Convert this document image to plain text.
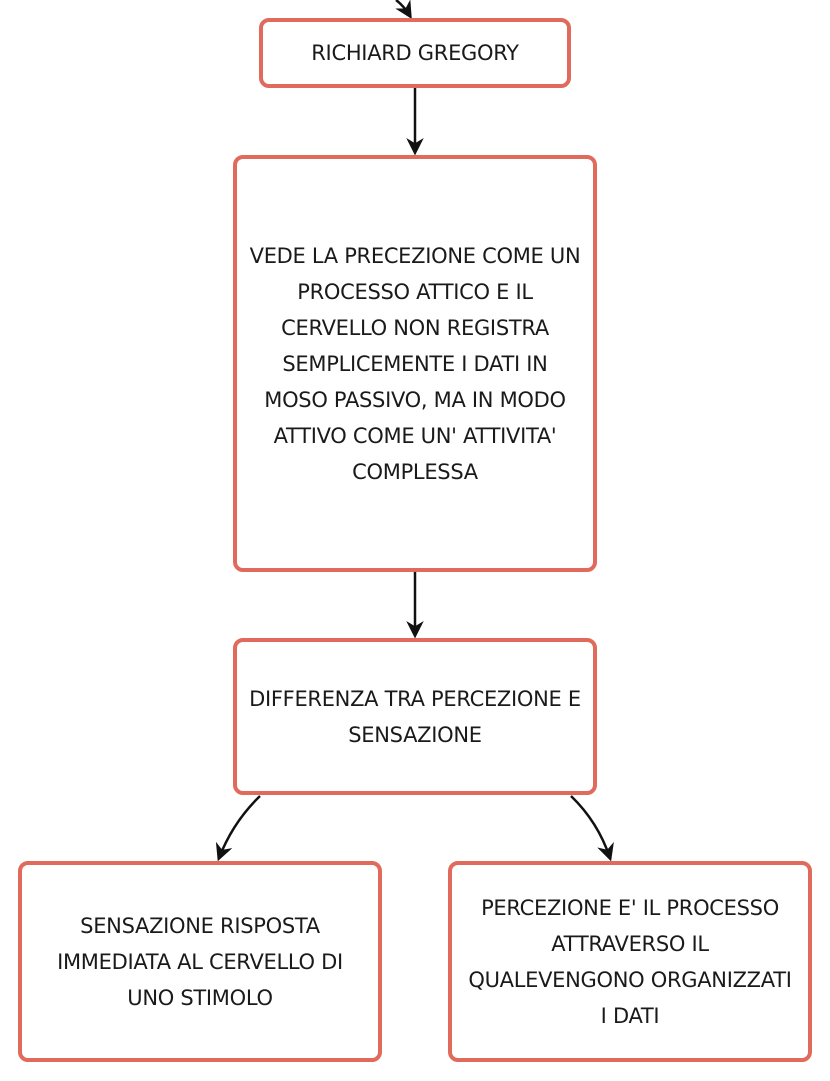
RICHIARD GREGORY
VEDE LA PRECEZIONE COME UN PROCESSO ATTICO E IL CERVELLO NON REGISTRA SEMPLICEMENTE I DATI IN MOSO PASSIVO, MA IN MODO ATTIVO COME UN' ATTIVITA' COMPLESSA
DIFFERENZA TRA PERCEZIONE E SENSAZIONE
SENSAZIONE RISPOSTA IMMEDIATA AL CERVELLO DI UNO STIMOLO
PERCEZIONE E' IL PROCESSO ATTRAVERSO IL QUALEVENGONO ORGANIZZATI I DATI
